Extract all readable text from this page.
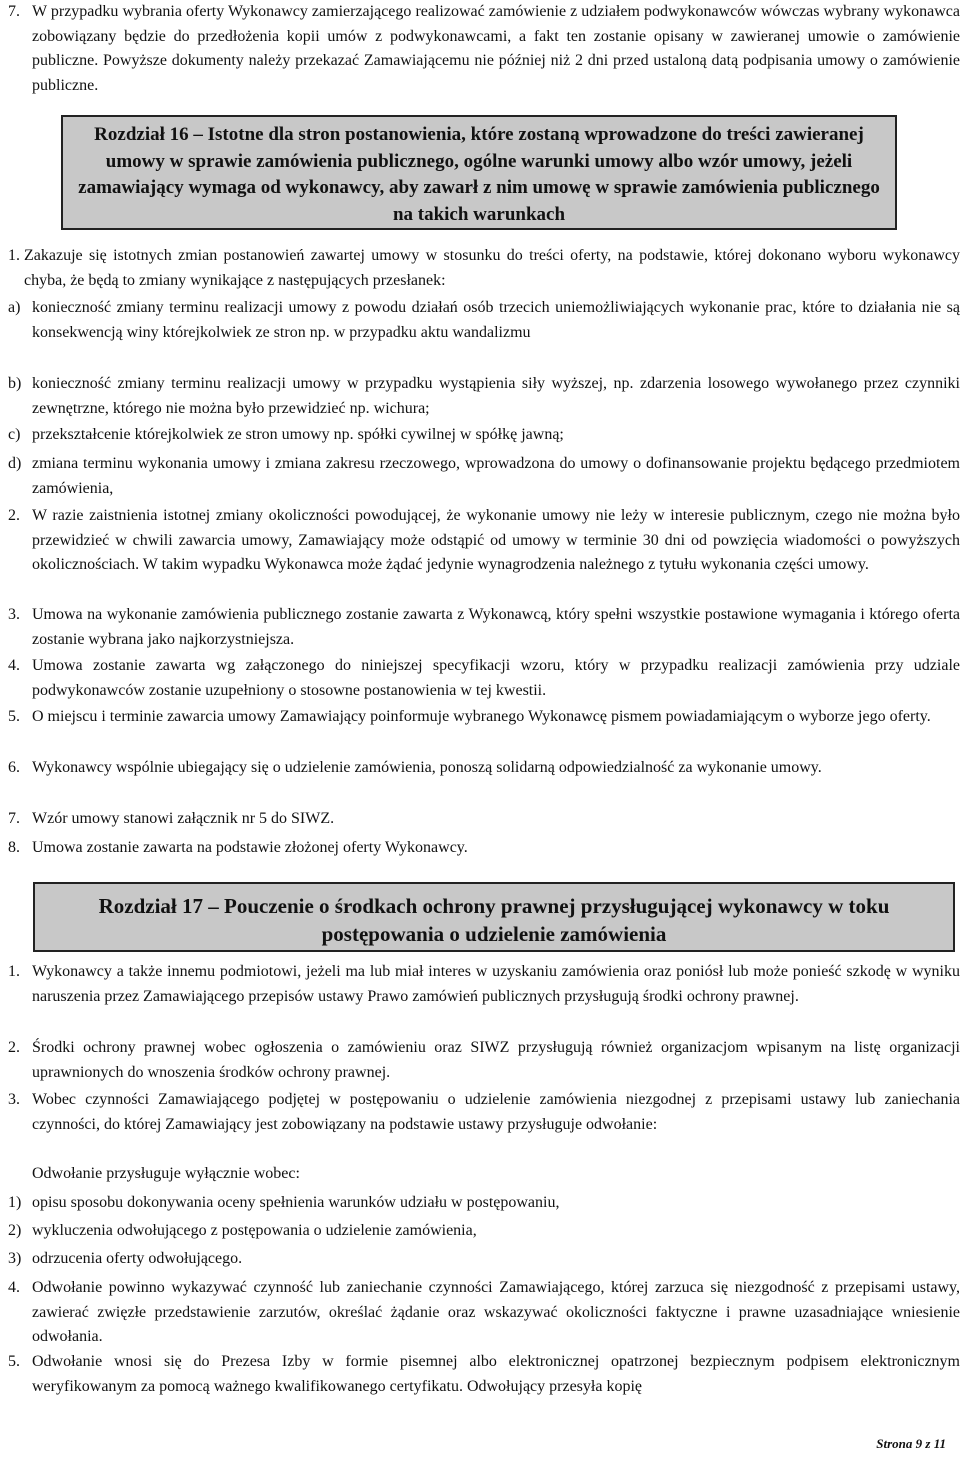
7. W przypadku wybrania oferty Wykonawcy zamierzającego realizować zamówienie z udziałem podwykonawców wówczas wybrany wykonawca zobowiązany będzie do przedłożenia kopii umów z podwykonawcami, a fakt ten zostanie opisany w zawieranej umowie o zamówienie publiczne. Powyższe dokumenty należy przekazać Zamawiającemu nie później niż 2 dni przed ustaloną datą podpisania umowy o zamówienie publiczne.
Rozdział 16 – Istotne dla stron postanowienia, które zostaną wprowadzone do treści zawieranej umowy w sprawie zamówienia publicznego, ogólne warunki umowy albo wzór umowy, jeżeli zamawiający wymaga od wykonawcy, aby zawarł z nim umowę w sprawie zamówienia publicznego na takich warunkach
1. Zakazuje się istotnych zmian postanowień zawartej umowy w stosunku do treści oferty, na podstawie, której dokonano wyboru wykonawcy chyba, że będą to zmiany wynikające z następujących przesłanek:
a) konieczność zmiany terminu realizacji umowy z powodu działań osób trzecich uniemożliwiających wykonanie prac, które to działania nie są konsekwencją winy którejkolwiek ze stron np. w przypadku aktu wandalizmu
b) konieczność zmiany terminu realizacji umowy w przypadku wystąpienia siły wyższej, np. zdarzenia losowego wywołanego przez czynniki zewnętrzne, którego nie można było przewidzieć np. wichura;
c) przekształcenie którejkolwiek ze stron umowy np. spółki cywilnej w spółkę jawną;
d) zmiana terminu wykonania umowy i zmiana zakresu rzeczowego, wprowadzona do umowy o dofinansowanie projektu będącego przedmiotem zamówienia,
2. W razie zaistnienia istotnej zmiany okoliczności powodującej, że wykonanie umowy nie leży w interesie publicznym, czego nie można było przewidzieć w chwili zawarcia umowy, Zamawiający może odstąpić od umowy w terminie 30 dni od powzięcia wiadomości o powyższych okolicznościach. W takim wypadku Wykonawca może żądać jedynie wynagrodzenia należnego z tytułu wykonania części umowy.
3. Umowa na wykonanie zamówienia publicznego zostanie zawarta z Wykonawcą, który spełni wszystkie postawione wymagania i którego oferta zostanie wybrana jako najkorzystniejsza.
4. Umowa zostanie zawarta wg załączonego do niniejszej specyfikacji wzoru, który w przypadku realizacji zamówienia przy udziale podwykonawców zostanie uzupełniony o stosowne postanowienia w tej kwestii.
5. O miejscu i terminie zawarcia umowy Zamawiający poinformuje wybranego Wykonawcę pismem powiadamiającym o wyborze jego oferty.
6. Wykonawcy wspólnie ubiegający się o udzielenie zamówienia, ponoszą solidarną odpowiedzialność za wykonanie umowy.
7. Wzór umowy stanowi załącznik nr 5 do SIWZ.
8. Umowa zostanie zawarta na podstawie złożonej oferty Wykonawcy.
Rozdział 17 – Pouczenie o środkach ochrony prawnej przysługującej wykonawcy w toku postępowania o udzielenie zamówienia
1. Wykonawcy a także innemu podmiotowi, jeżeli ma lub miał interes w uzyskaniu zamówienia oraz poniósł lub może ponieść szkodę w wyniku naruszenia przez Zamawiającego przepisów ustawy Prawo zamówień publicznych przysługują środki ochrony prawnej.
2. Środki ochrony prawnej wobec ogłoszenia o zamówieniu oraz SIWZ przysługują również organizacjom wpisanym na listę organizacji uprawnionych do wnoszenia środków ochrony prawnej.
3. Wobec czynności Zamawiającego podjętej w postępowaniu o udzielenie zamówienia niezgodnej z przepisami ustawy lub zaniechania czynności, do której Zamawiający jest zobowiązany na podstawie ustawy przysługuje odwołanie:
Odwołanie przysługuje wyłącznie wobec:
1) opisu sposobu dokonywania oceny spełnienia warunków udziału w postępowaniu,
2) wykluczenia odwołującego z postępowania o udzielenie zamówienia,
3) odrzucenia oferty odwołującego.
4. Odwołanie powinno wykazywać czynność lub zaniechanie czynności Zamawiającego, której zarzuca się niezgodność z przepisami ustawy, zawierać zwięzłe przedstawienie zarzutów, określać żądanie oraz wskazywać okoliczności faktyczne i prawne uzasadniające wniesienie odwołania.
5. Odwołanie wnosi się do Prezesa Izby w formie pisemnej albo elektronicznej opatrzonej bezpiecznym podpisem elektronicznym weryfikowanym za pomocą ważnego kwalifikowanego certyfikatu. Odwołujący przesyła kopię
Strona 9 z 11
